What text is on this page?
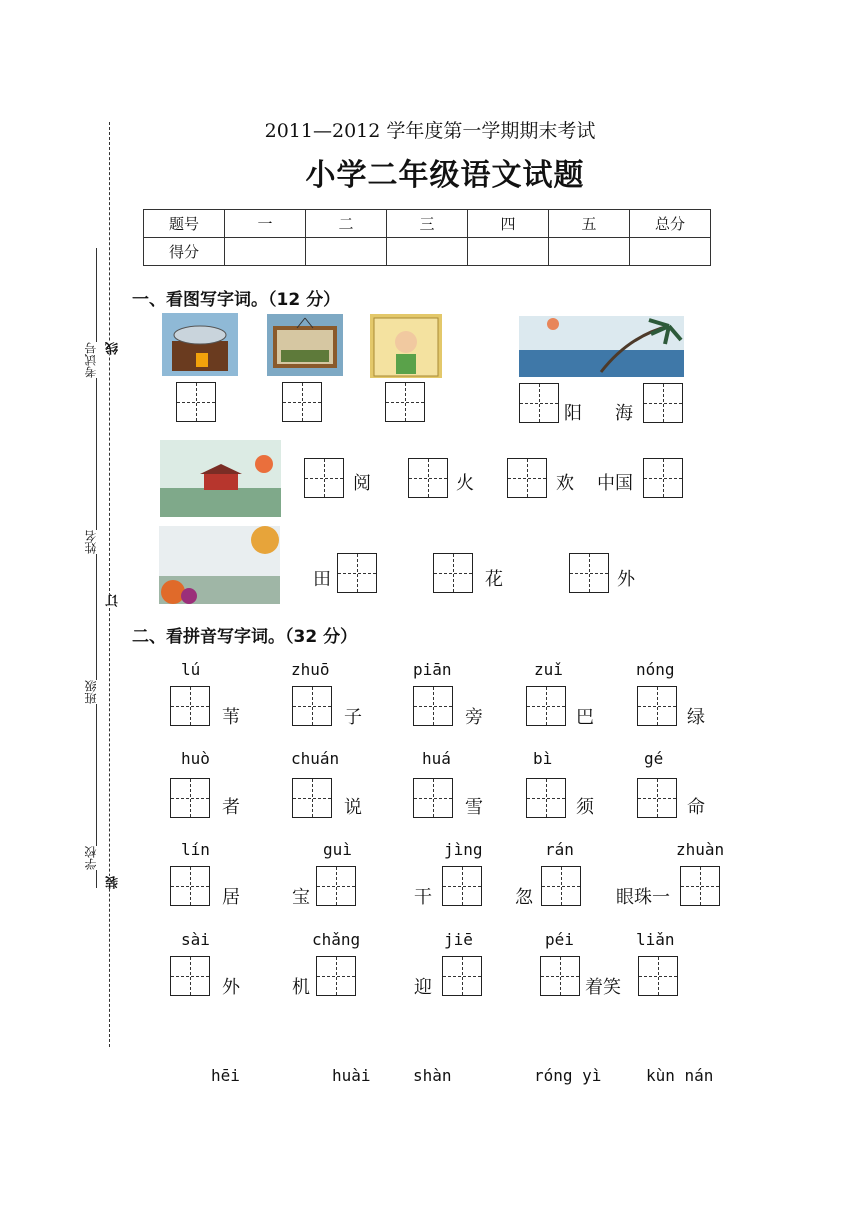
线
订
装
考试号
姓名
班级
学校
2011—2012 学年度第一学期期末考试
小学二年级语文试题
题号	一	二	三	四	五	总分
得分						
一、看图写字词。（12 分）
阳 海
阅	火	欢 中国
田	花	外
二、看拼音写字词。（32 分）
lú	zhuō	piān	zuǐ	nóng
苇	子	旁	巴	绿
huò	chuán	huá	bì	gé
者	说	雪	须	命
lín	guì	jìng	rán	zhuàn
居	宝	干	忽	眼珠一
sài	chǎng	jiē	péi	liǎn
外	机	迎	着笑
hēi	huài	shàn	róng yì	kùn nán
